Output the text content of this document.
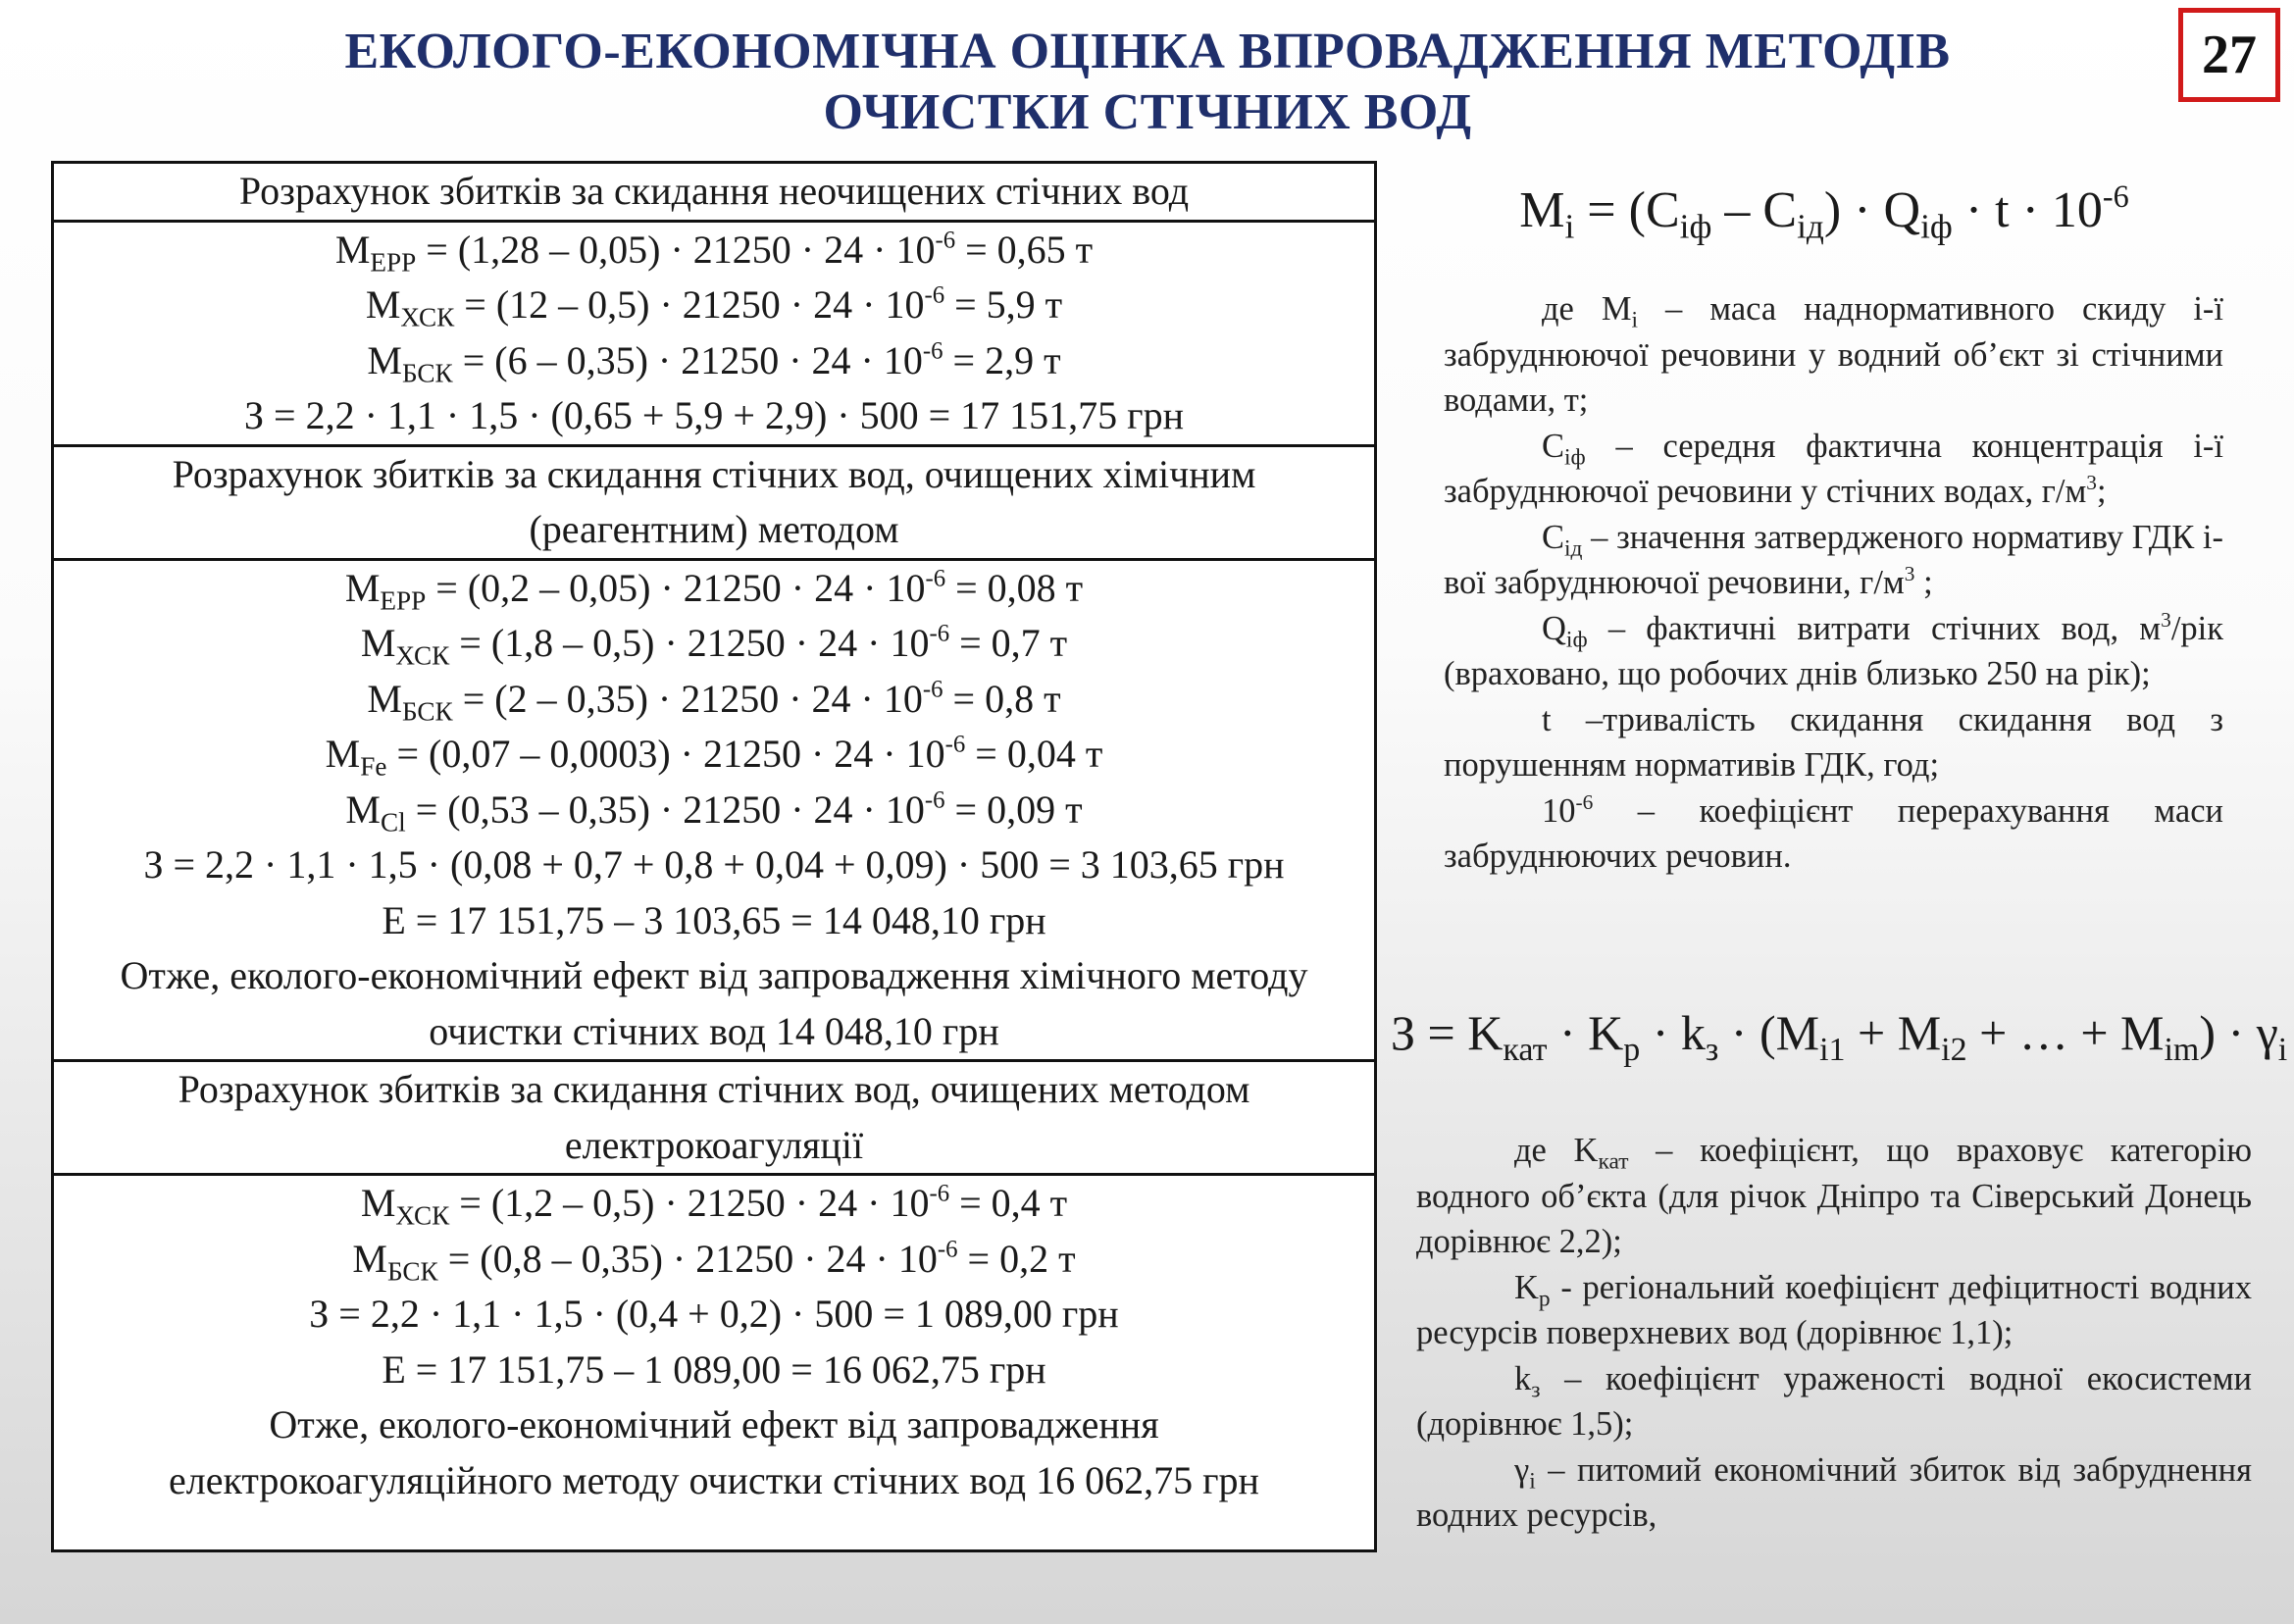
ЕКОЛОГО-ЕКОНОМІЧНА ОЦІНКА ВПРОВАДЖЕННЯ МЕТОДІВ
ОЧИСТКИ СТІЧНИХ ВОД
27
Розрахунок збитків за скидання неочищених стічних вод
$M_{ЕРР} = (1,28 - 0,05) \cdot 21250 \cdot 24 \cdot 10^{-6} = 0,65$ т
$M_{ХСК} = (12 - 0,5) \cdot 21250 \cdot 24 \cdot 10^{-6} = 5,9$ т
$M_{БСК} = (6 - 0,35) \cdot 21250 \cdot 24 \cdot 10^{-6} = 2,9$ т
З = 2,2 · 1,1 · 1,5 · (0,65 + 5,9 + 2,9) · 500 = 17 151,75 грн
Розрахунок збитків за скидання стічних вод, очищених хімічним (реагентним) методом
$M_{ЕРР} = (0,2 - 0,05) \cdot 21250 \cdot 24 \cdot 10^{-6} = 0,08$ т
$M_{ХСК} = (1,8 - 0,5) \cdot 21250 \cdot 24 \cdot 10^{-6} = 0,7$ т
$M_{БСК} = (2 - 0,35) \cdot 21250 \cdot 24 \cdot 10^{-6} = 0,8$ т
$M_{Fe} = (0,07 - 0,0003) \cdot 21250 \cdot 24 \cdot 10^{-6} = 0,04$ т
$M_{Cl} = (0,53 - 0,35) \cdot 21250 \cdot 24 \cdot 10^{-6} = 0,09$ т
З = 2,2 · 1,1 · 1,5 · (0,08 + 0,7 + 0,8 + 0,04 + 0,09) · 500 = 3 103,65 грн
Е = 17 151,75 – 3 103,65 = 14 048,10 грн
Отже, еколого-економічний ефект від запровадження хімічного методу очистки стічних вод 14 048,10 грн
Розрахунок збитків за скидання стічних вод, очищених методом електрокоагуляції
$M_{ХСК} = (1,2 - 0,5) \cdot 21250 \cdot 24 \cdot 10^{-6} = 0,4$ т
$M_{БСК} = (0,8 - 0,35) \cdot 21250 \cdot 24 \cdot 10^{-6} = 0,2$ т
З = 2,2 · 1,1 · 1,5 · (0,4 + 0,2) · 500 = 1 089,00 грн
Е = 17 151,75 – 1 089,00 = 16 062,75 грн
Отже, еколого-економічний ефект від запровадження
електрокоагуляційного методу очистки стічних вод 16 062,75 грн
$M_i = (C_{іф} - C_{ід}) \cdot Q_{іф} \cdot t \cdot 10^{-6}$

де $M_i$ – маса наднормативного скиду і-ї забруднюючої речовини у водний об’єкт зі стічними водами, т;

$C_{іф}$ – середня фактична концентрація і-ї забруднюючої речовини у стічних водах, $г/м^3$;

$C_{ід}$ – значення затвердженого нормативу ГДК і-вої забруднюючої речовини, $г/м^3$ ;

$Q_{іф}$ – фактичні витрати стічних вод, $м^3$/рік (враховано, що робочих днів близько 250 на рік);

t –тривалість скидання скидання вод з порушенням нормативів ГДК, год;

$10^{-6}$ – коефіцієнт перерахування маси забруднюючих речовин.

$З = K_{кат} \cdot K_р \cdot k_з \cdot (M_{i1} + M_{i2}$ + … + $M_{im}) \cdot \gamma_i$

де $K_{кат}$ – коефіцієнт, що враховує категорію водного об’єкта (для річок Дніпро та Сіверський Донець дорівнює 2,2);

$K_р$ - регіональний коефіцієнт дефіцитності водних ресурсів поверхневих вод (дорівнює 1,1);

$k_з$ – коефіцієнт ураженості водної екосистеми (дорівнює 1,5);

$\gamma_i$ – питомий економічний збиток від забруднення водних ресурсів,
